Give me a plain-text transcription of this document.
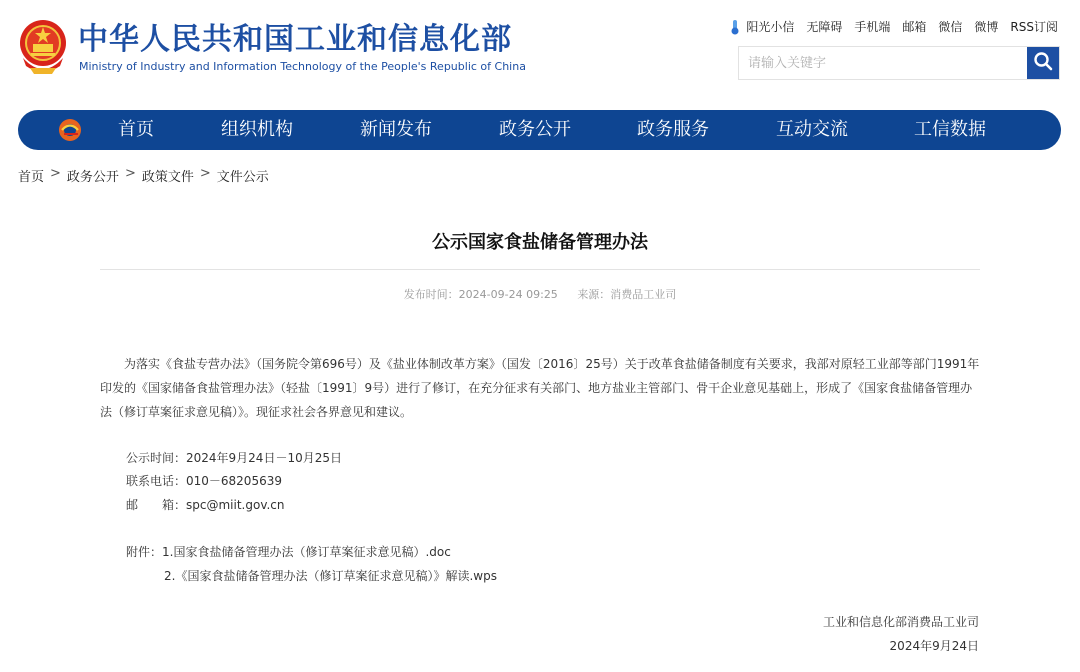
中华人民共和国工业和信息化部
Ministry of Industry and Information Technology of the People's Republic of China
阳光小信 无障碍 手机端 邮箱 微信 微博 RSS订阅
请输入关键字
首页	组织机构	新闻发布	政务公开	政务服务	互动交流	工信数据
首页 > 政务公开 > 政策文件 > 文件公示
公示国家食盐储备管理办法
发布时间：2024-09-24 09:25 来源：消费品工业司
为落实《食盐专营办法》（国务院令第696号）及《盐业体制改革方案》（国发〔2016〕25号）关于改革食盐储备制度有关要求，我部对原轻工业部等部门1991年印发的《国家储备食盐管理办法》（轻盐〔1991〕9号）进行了修订，在充分征求有关部门、地方盐业主管部门、骨干企业意见基础上，形成了《国家食盐储备管理办法（修订草案征求意见稿）》。现征求社会各界意见和建议。
公示时间：2024年9月24日－10月25日
联系电话：010－68205639
邮　　箱：spc@miit.gov.cn
附件：1.国家食盐储备管理办法（修订草案征求意见稿）.doc
2.《国家食盐储备管理办法（修订草案征求意见稿）》解读.wps
工业和信息化部消费品工业司
2024年9月24日
